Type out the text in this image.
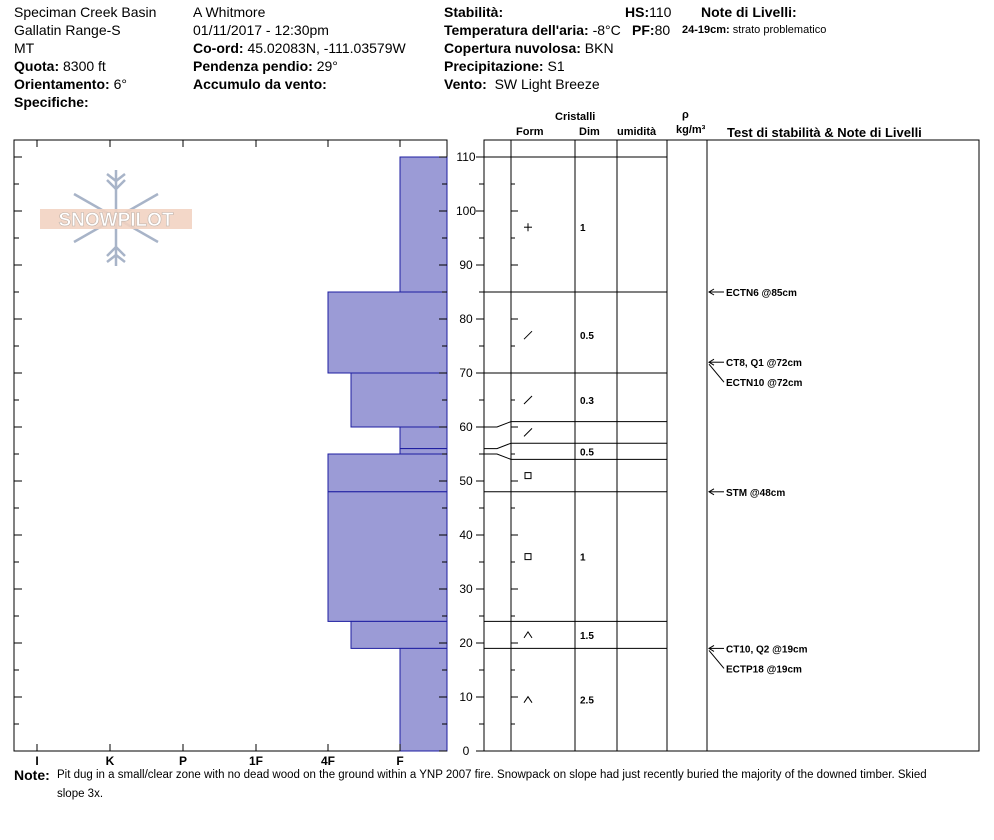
Speciman Creek Basin
Gallatin Range-S
MT
Quota: 8300 ft
Orientamento: 6°
Specifiche:
A Whitmore
01/11/2017 - 12:30pm
Co-ord: 45.02083N, -111.03579W
Pendenza pendio: 29°
Accumulo da vento:
Stabilità:
Temperatura dell'aria: -8°C
Copertura nuvolosa: BKN
Precipitazione: S1
Vento: SW Light Breeze
HS:110
PF:80
Note di Livelli:
24-19cm: strato problematico
Cristalli
Form	Dim umidità
ρ
kg/m³ Test di stabilità & Note di Livelli
SNOWPILOT
I	K	P	1F	4F	F
0
10
20
30
40
50
60
70
80
90
100
110
1
0.5
0.3
0.5
1
1.5
2.5
ECTN6 @85cm
CT8, Q1 @72cm
ECTN10 @72cm
STM @48cm
CT10, Q2 @19cm
ECTP18 @19cm
Note: Pit dug in a small/clear zone with no dead wood on the ground within a YNP 2007 fire. Snowpack on slope had just recently buried the majority of the downed timber. Skied
slope 3x.
